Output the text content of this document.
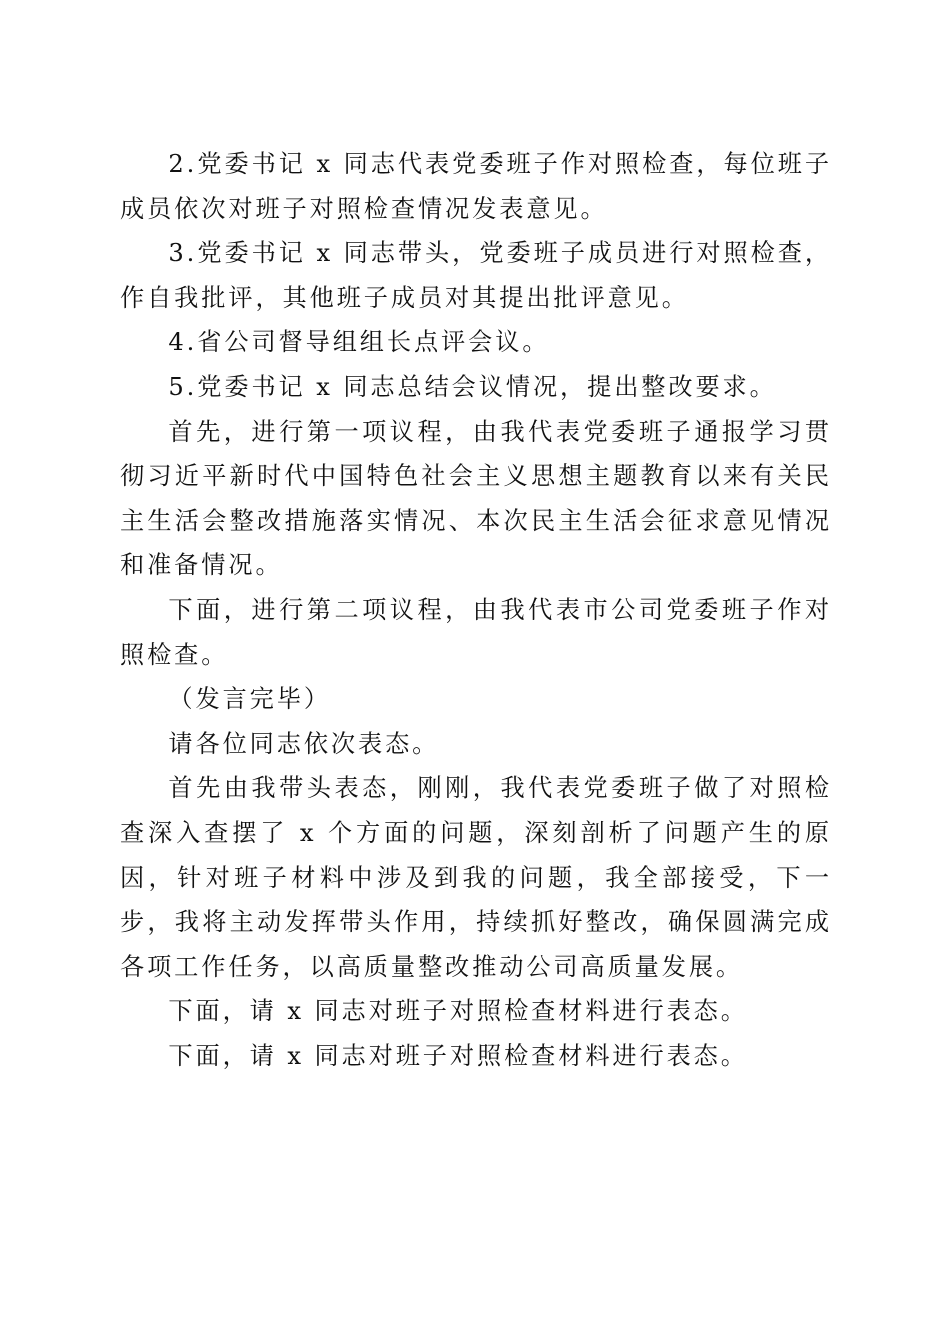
2.党委书记 x 同志代表党委班子作对照检查，每位班子成员依次对班子对照检查情况发表意见。

3.党委书记 x 同志带头，党委班子成员进行对照检查，作自我批评，其他班子成员对其提出批评意见。

4.省公司督导组组长点评会议。

5.党委书记 x 同志总结会议情况，提出整改要求。

首先，进行第一项议程，由我代表党委班子通报学习贯彻习近平新时代中国特色社会主义思想主题教育以来有关民主生活会整改措施落实情况、本次民主生活会征求意见情况和准备情况。

下面，进行第二项议程，由我代表市公司党委班子作对照检查。

（发言完毕）

请各位同志依次表态。

首先由我带头表态，刚刚，我代表党委班子做了对照检查深入查摆了 x 个方面的问题，深刻剖析了问题产生的原因，针对班子材料中涉及到我的问题，我全部接受，下一步，我将主动发挥带头作用，持续抓好整改，确保圆满完成各项工作任务，以高质量整改推动公司高质量发展。

下面，请 x 同志对班子对照检查材料进行表态。

下面，请 x 同志对班子对照检查材料进行表态。
